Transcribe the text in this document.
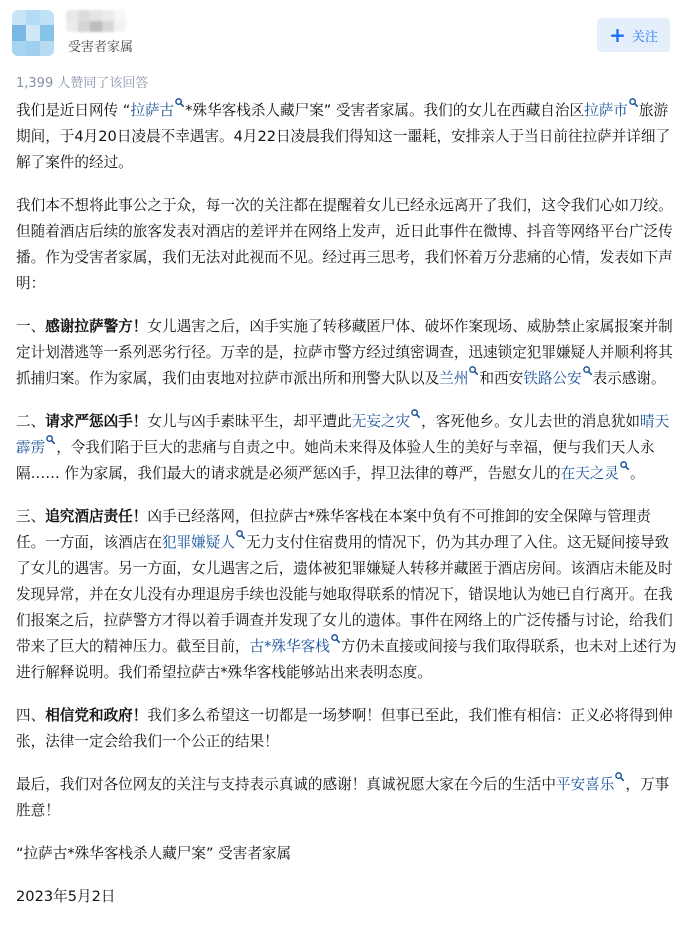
受害者家属
+ 关注
1,399 人赞同了该回答

我们是近日网传 “拉萨古 *殊华客栈杀人藏尸案” 受害者家属。我们的女儿在西藏自治区拉萨市 旅游期间，于4月20日凌晨不幸遇害。4月22日凌晨我们得知这一噩耗，安排亲人于当日前往拉萨并详细了解了案件的经过。

我们本不想将此事公之于众，每一次的关注都在提醒着女儿已经永远离开了我们，这令我们心如刀绞。但随着酒店后续的旅客发表对酒店的差评并在网络上发声，近日此事件在微博、抖音等网络平台广泛传播。作为受害者家属，我们无法对此视而不见。经过再三思考，我们怀着万分悲痛的心情，发表如下声明：

一、感谢拉萨警方！女儿遇害之后，凶手实施了转移藏匿尸体、破坏作案现场、威胁禁止家属报案并制定计划潜逃等一系列恶劣行径。万幸的是，拉萨市警方经过缜密调查，迅速锁定犯罪嫌疑人并顺利将其抓捕归案。作为家属，我们由衷地对拉萨市派出所和刑警大队以及兰州 和西安铁路公安 表示感谢。

二、请求严惩凶手！女儿与凶手素昧平生，却平遭此无妄之灾 ，客死他乡。女儿去世的消息犹如晴天霹雳 ，令我们陷于巨大的悲痛与自责之中。她尚未来得及体验人生的美好与幸福，便与我们天人永隔…… 作为家属，我们最大的请求就是必须严惩凶手，捍卫法律的尊严，告慰女儿的在天之灵 。

三、追究酒店责任！凶手已经落网，但拉萨古*殊华客栈在本案中负有不可推卸的安全保障与管理责任。一方面，该酒店在犯罪嫌疑人 无力支付住宿费用的情况下，仍为其办理了入住。这无疑间接导致了女儿的遇害。另一方面，女儿遇害之后，遗体被犯罪嫌疑人转移并藏匿于酒店房间。该酒店未能及时发现异常，并在女儿没有办理退房手续也没能与她取得联系的情况下，错误地认为她已自行离开。在我们报案之后，拉萨警方才得以着手调查并发现了女儿的遗体。事件在网络上的广泛传播与讨论，给我们带来了巨大的精神压力。截至目前，古*殊华客栈 方仍未直接或间接与我们取得联系，也未对上述行为进行解释说明。我们希望拉萨古*殊华客栈能够站出来表明态度。

四、相信党和政府！我们多么希望这一切都是一场梦啊！但事已至此，我们惟有相信：正义必将得到伸张，法律一定会给我们一个公正的结果！

最后，我们对各位网友的关注与支持表示真诚的感谢！真诚祝愿大家在今后的生活中平安喜乐 ，万事胜意！

“拉萨古*殊华客栈杀人藏尸案” 受害者家属

2023年5月2日
